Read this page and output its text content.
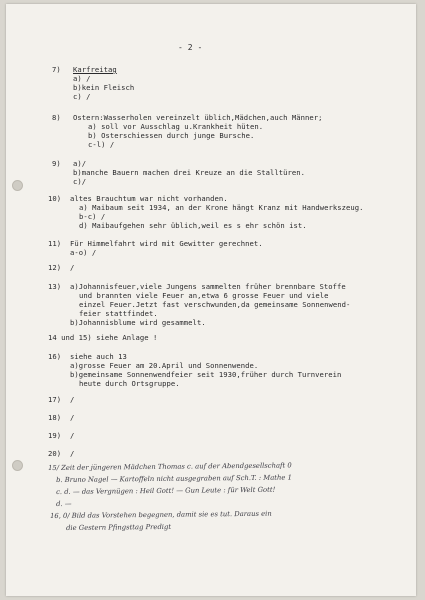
- 2 -
7) Karfreitag
a) /
b)kein Fleisch
c) /
8) Ostern:Wasserholen vereinzelt üblich,Mädchen,auch Männer;
a) soll vor Ausschlag u.Krankheit hüten.
b) Osterschiessen durch junge Bursche.
c-l) /
9) a)/
b)manche Bauern machen drei Kreuze an die Stalltüren.
c)/
10) altes Brauchtum war nicht vorhanden.
a) Maibaum seit 1934, an der Krone hängt Kranz mit Handwerkszeug.
b-c) /
d) Maibaufgehen sehr üblich,weil es s ehr schön ist.
11) Für Himmelfahrt wird mit Gewitter gerechnet.
a-o) /
12) /
13) a)Johannisfeuer,viele Jungens sammelten früher brennbare Stoffe
und brannten viele Feuer an,etwa 6 grosse Feuer und viele
einzel Feuer.Jetzt fast verschwunden,da gemeinsame Sonnenwend-
feier stattfindet.
b)Johannisblume wird gesammelt.
14 und 15) siehe Anlage !
16) siehe auch 13
a)grosse Feuer am 20.April und Sonnenwende.
b)gemeinsame Sonnenwendfeier seit 1930,früher durch Turnverein
heute durch Ortsgruppe.
17) /
18) /
19) /
20) /
15/ Zeit der jüngeren Mädchen Thomas c. auf der Abendgesellschaft 0
b. Bruno Nagel — Kartoffeln nicht ausgegraben auf Sch.T. : Mathe 1
c. d. — das Vergnügen : Heil Gott! — Gun Leute : für Welt Gott!
d. —
16, 0/ Bild das Vorstehen begegnen, damit sie es tut. Daraus ein
die Gestern Pfingsttag Predigt
